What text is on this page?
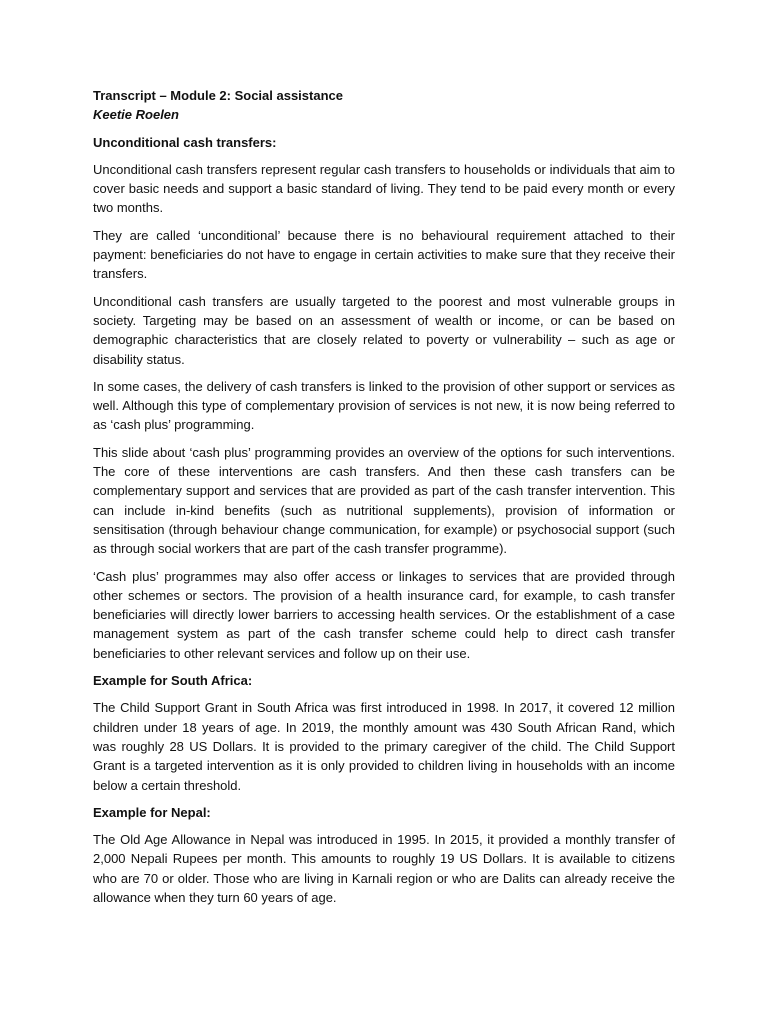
Transcript – Module 2: Social assistance

Keetie Roelen

Unconditional cash transfers:

Unconditional cash transfers represent regular cash transfers to households or individuals that aim to cover basic needs and support a basic standard of living. They tend to be paid every month or every two months.

They are called ‘unconditional’ because there is no behavioural requirement attached to their payment: beneficiaries do not have to engage in certain activities to make sure that they receive their transfers.

Unconditional cash transfers are usually targeted to the poorest and most vulnerable groups in society. Targeting may be based on an assessment of wealth or income, or can be based on demographic characteristics that are closely related to poverty or vulnerability – such as age or disability status.

In some cases, the delivery of cash transfers is linked to the provision of other support or services as well. Although this type of complementary provision of services is not new, it is now being referred to as ‘cash plus’ programming.

This slide about ‘cash plus’ programming provides an overview of the options for such interventions. The core of these interventions are cash transfers. And then these cash transfers can be complementary support and services that are provided as part of the cash transfer intervention. This can include in-kind benefits (such as nutritional supplements), provision of information or sensitisation (through behaviour change communication, for example) or psychosocial support (such as through social workers that are part of the cash transfer programme).

‘Cash plus’ programmes may also offer access or linkages to services that are provided through other schemes or sectors. The provision of a health insurance card, for example, to cash transfer beneficiaries will directly lower barriers to accessing health services. Or the establishment of a case management system as part of the cash transfer scheme could help to direct cash transfer beneficiaries to other relevant services and follow up on their use.

Example for South Africa:

The Child Support Grant in South Africa was first introduced in 1998. In 2017, it covered 12 million children under 18 years of age. In 2019, the monthly amount was 430 South African Rand, which was roughly 28 US Dollars. It is provided to the primary caregiver of the child. The Child Support Grant is a targeted intervention as it is only provided to children living in households with an income below a certain threshold.

Example for Nepal:

The Old Age Allowance in Nepal was introduced in 1995. In 2015, it provided a monthly transfer of 2,000 Nepali Rupees per month. This amounts to roughly 19 US Dollars. It is available to citizens who are 70 or older. Those who are living in Karnali region or who are Dalits can already receive the allowance when they turn 60 years of age.
